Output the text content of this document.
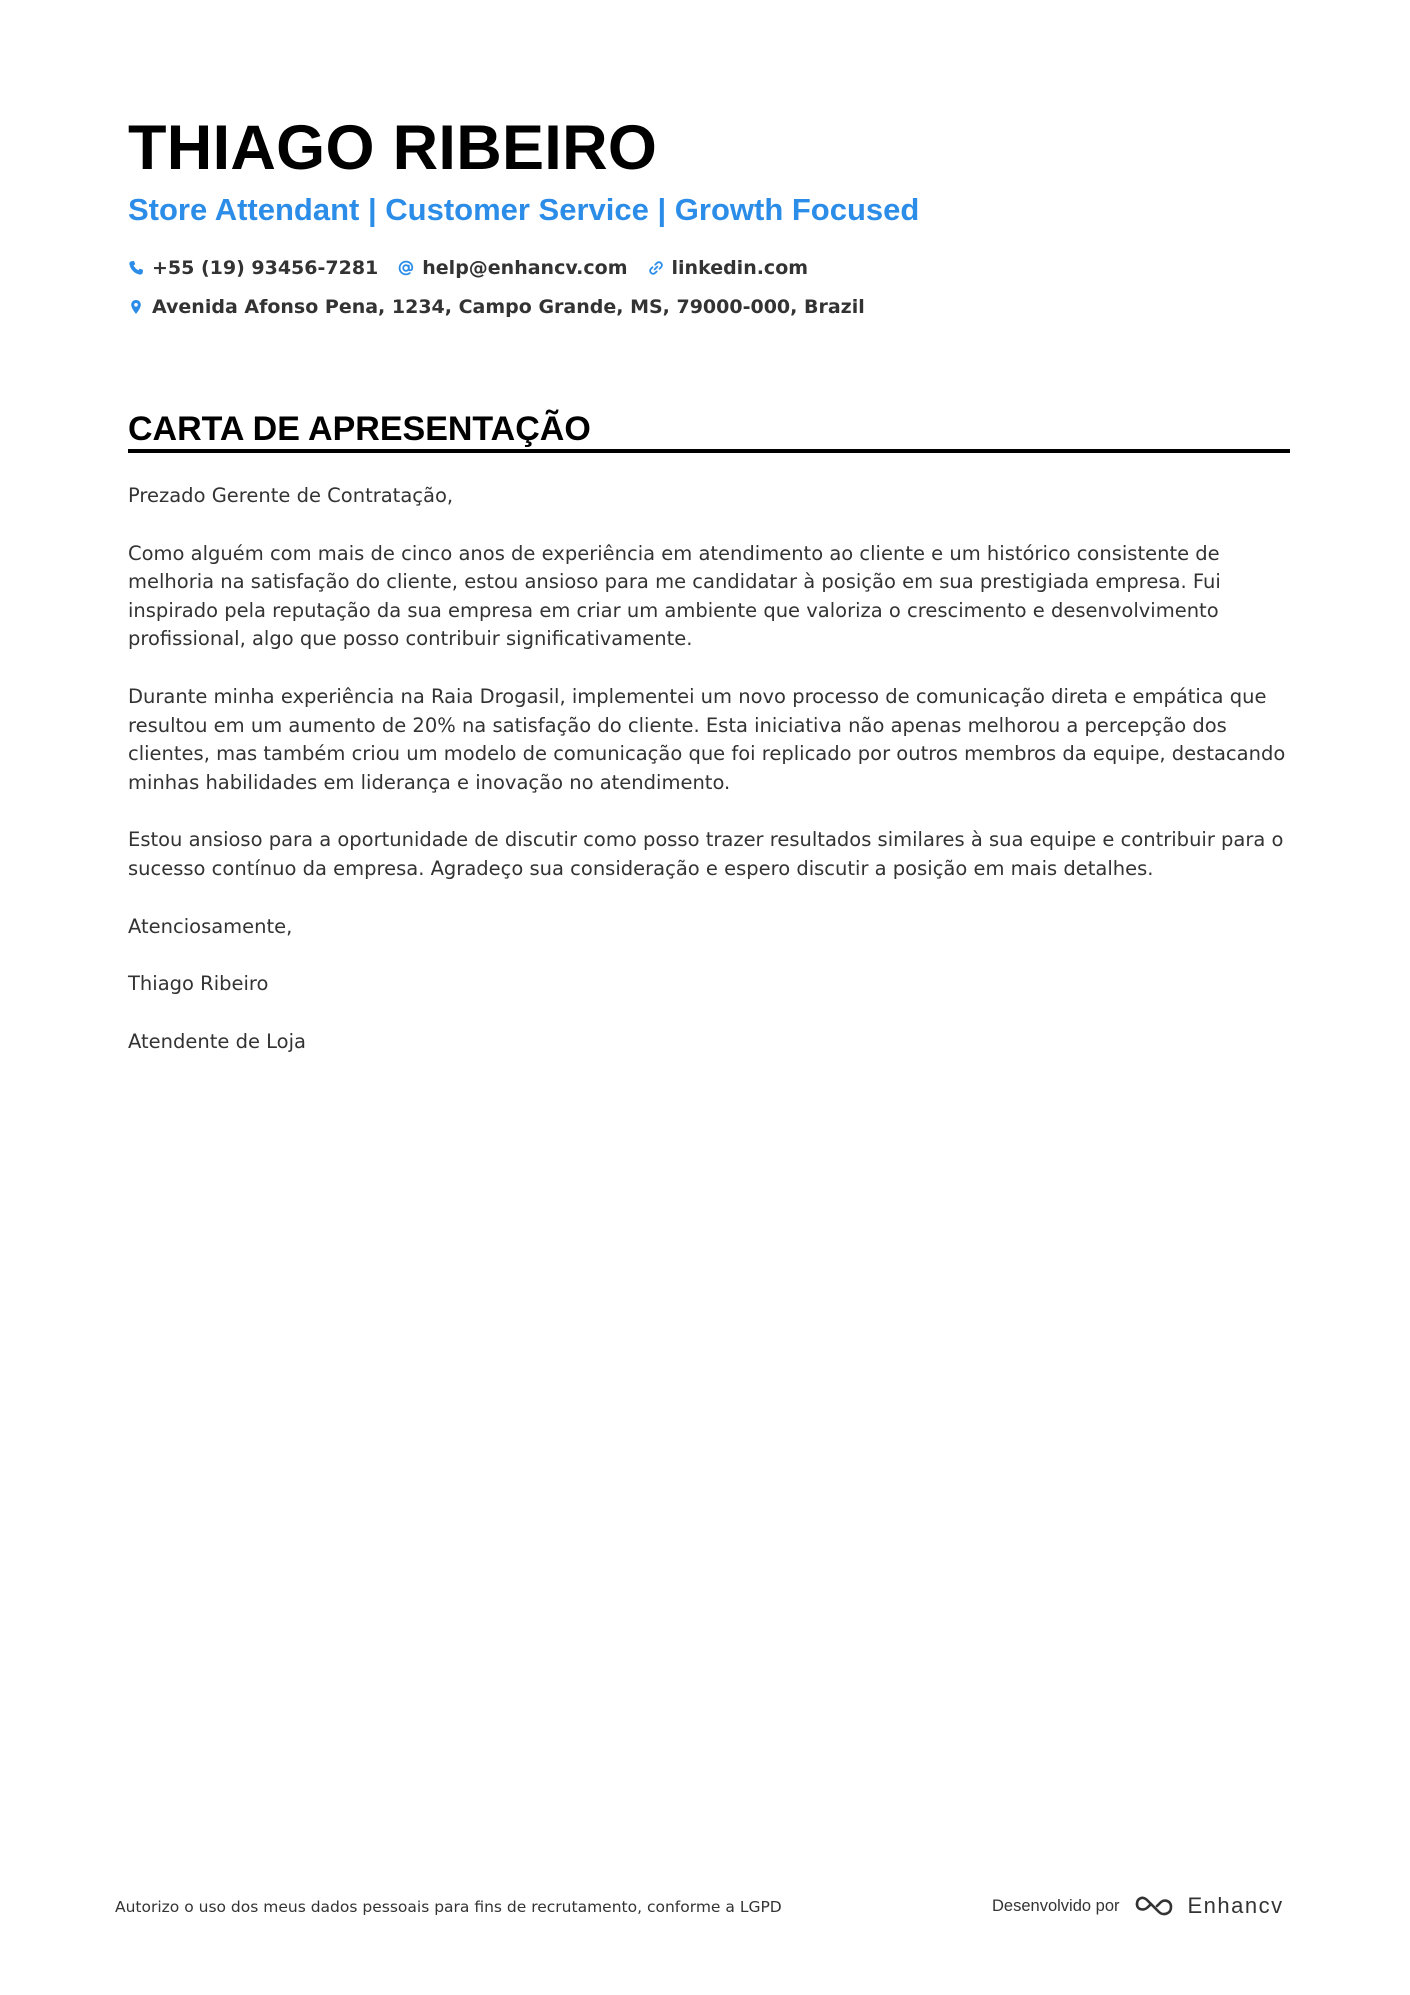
THIAGO RIBEIRO
Store Attendant | Customer Service | Growth Focused
+55 (19) 93456-7281 help@enhancv.com linkedin.com
Avenida Afonso Pena, 1234, Campo Grande, MS, 79000-000, Brazil
CARTA DE APRESENTAÇÃO

Prezado Gerente de Contratação,

Como alguém com mais de cinco anos de experiência em atendimento ao cliente e um histórico consistente de melhoria na satisfação do cliente, estou ansioso para me candidatar à posição em sua prestigiada empresa. Fui inspirado pela reputação da sua empresa em criar um ambiente que valoriza o crescimento e desenvolvimento profissional, algo que posso contribuir significativamente.

Durante minha experiência na Raia Drogasil, implementei um novo processo de comunicação direta e empática que resultou em um aumento de 20% na satisfação do cliente. Esta iniciativa não apenas melhorou a percepção dos clientes, mas também criou um modelo de comunicação que foi replicado por outros membros da equipe, destacando minhas habilidades em liderança e inovação no atendimento.

Estou ansioso para a oportunidade de discutir como posso trazer resultados similares à sua equipe e contribuir para o sucesso contínuo da empresa. Agradeço sua consideração e espero discutir a posição em mais detalhes.

Atenciosamente,

Thiago Ribeiro

Atendente de Loja

Autorizo o uso dos meus dados pessoais para fins de recrutamento, conforme a LGPD	Desenvolvido por	Enhancv
